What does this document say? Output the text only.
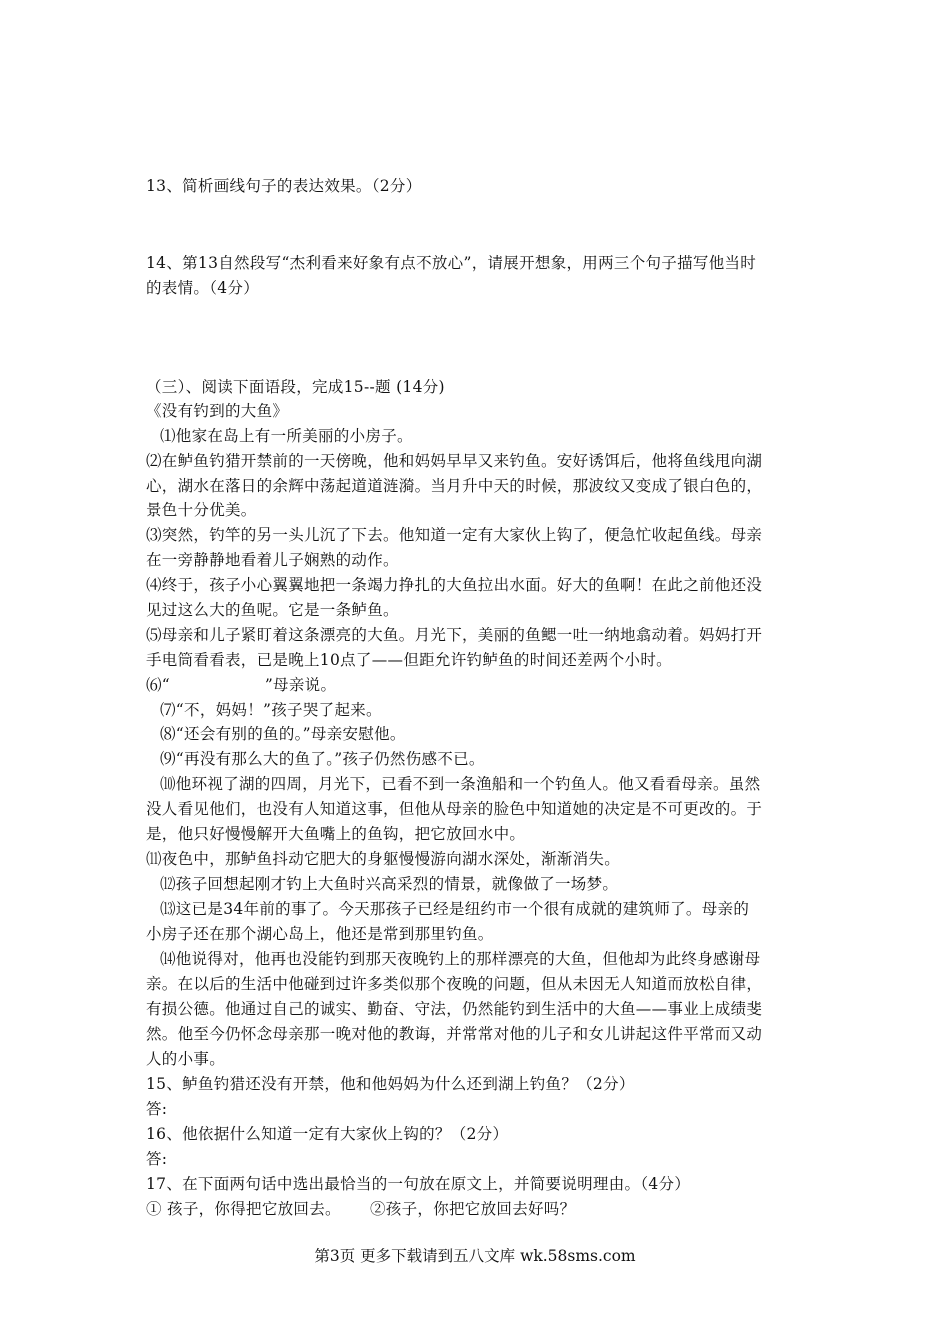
13、简析画线句子的表达效果。（2分）
14、第13自然段写“杰利看来好象有点不放心”，请展开想象，用两三个句子描写他当时
的表情。（4分）
（三）、阅读下面语段，完成15--题 (14分)
《没有钓到的大鱼》
⑴他家在岛上有一所美丽的小房子。
⑵在鲈鱼钓猎开禁前的一天傍晚，他和妈妈早早又来钓鱼。安好诱饵后，他将鱼线甩向湖
心，湖水在落日的余辉中荡起道道涟漪。当月升中天的时候，那波纹又变成了银白色的，
景色十分优美。
⑶突然，钓竿的另一头儿沉了下去。他知道一定有大家伙上钩了，便急忙收起鱼线。母亲
在一旁静静地看着儿子娴熟的动作。
⑷终于，孩子小心翼翼地把一条竭力挣扎的大鱼拉出水面。好大的鱼啊！在此之前他还没
见过这么大的鱼呢。它是一条鲈鱼。
⑸母亲和儿子紧盯着这条漂亮的大鱼。月光下，美丽的鱼鳃一吐一纳地翕动着。妈妈打开
手电筒看看表，已是晚上10点了——但距允许钓鲈鱼的时间还差两个小时。
⑹“　　　　　　”母亲说。
⑺“不，妈妈！”孩子哭了起来。
⑻“还会有别的鱼的。”母亲安慰他。
⑼“再没有那么大的鱼了。”孩子仍然伤感不已。
⑽他环视了湖的四周，月光下，已看不到一条渔船和一个钓鱼人。他又看看母亲。虽然
没人看见他们，也没有人知道这事，但他从母亲的脸色中知道她的决定是不可更改的。于
是，他只好慢慢解开大鱼嘴上的鱼钩，把它放回水中。
⑾夜色中，那鲈鱼抖动它肥大的身躯慢慢游向湖水深处，渐渐消失。
⑿孩子回想起刚才钓上大鱼时兴高采烈的情景，就像做了一场梦。
⒀这已是34年前的事了。今天那孩子已经是纽约市一个很有成就的建筑师了。母亲的
小房子还在那个湖心岛上，他还是常到那里钓鱼。
⒁他说得对，他再也没能钓到那天夜晚钓上的那样漂亮的大鱼，但他却为此终身感谢母
亲。在以后的生活中他碰到过许多类似那个夜晚的问题，但从未因无人知道而放松自律，
有损公德。他通过自己的诚实、勤奋、守法，仍然能钓到生活中的大鱼——事业上成绩斐
然。他至今仍怀念母亲那一晚对他的教诲，并常常对他的儿子和女儿讲起这件平常而又动
人的小事。
15、鲈鱼钓猎还没有开禁，他和他妈妈为什么还到湖上钓鱼？（2分）
答:
16、他依据什么知道一定有大家伙上钩的？（2分）
答:
17、在下面两句话中选出最恰当的一句放在原文上，并简要说明理由。（4分）
① 孩子，你得把它放回去。 ②孩子，你把它放回去好吗？
第3页 更多下载请到五八文库 wk.58sms.com
